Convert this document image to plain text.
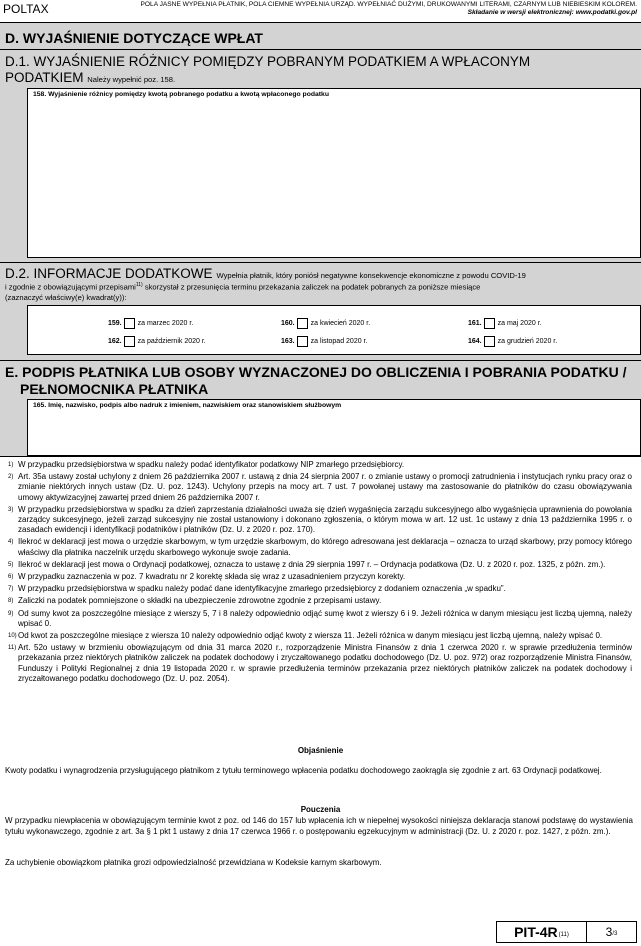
POLTAX	POLA JASNE WYPEŁNIA PŁATNIK, POLA CIEMNE WYPEŁNIA URZĄD. WYPEŁNIAĆ DUŻYMI, DRUKOWANYMI LITERAMI, CZARNYM LUB NIEBIESKIM KOLOREM.
Składanie w wersji elektronicznej: www.podatki.gov.pl
D. WYJAŚNIENIE DOTYCZĄCE WPŁAT
D.1. WYJAŚNIENIE RÓŻNICY POMIĘDZY POBRANYM PODATKIEM A WPŁACONYM
PODATKIEM Należy wypełnić poz. 158.
158. Wyjaśnienie różnicy pomiędzy kwotą pobranego podatku a kwotą wpłaconego podatku
D.2. INFORMACJE DODATKOWE Wypełnia płatnik, który poniósł negatywne konsekwencje ekonomiczne z powodu COVID-19
i zgodnie z obowiązującymi przepisami$^{11)}$ skorzystał z przesunięcia terminu przekazania zaliczek na podatek pobranych za poniższe miesiące
(zaznaczyć właściwy(e) kwadrat(y)):
159. za marzec 2020 r.	160. za kwiecień 2020 r.	161. za maj 2020 r.
162. za październik 2020 r.	163. za listopad 2020 r.	164. za grudzień 2020 r.
E. PODPIS PŁATNIKA LUB OSOBY WYZNACZONEJ DO OBLICZENIA I POBRANIA PODATKU /
PEŁNOMOCNIKA PŁATNIKA
165. Imię, nazwisko, podpis albo nadruk z imieniem, nazwiskiem oraz stanowiskiem służbowym
1) W przypadku przedsiębiorstwa w spadku należy podać identyfikator podatkowy NIP zmarłego przedsiębiorcy.
2) Art. 35a ustawy został uchylony z dniem 26 października 2007 r. ustawą z dnia 24 sierpnia 2007 r. o zmianie ustawy o promocji zatrudnienia i instytucjach rynku pracy oraz o zmianie niektórych innych ustaw (Dz. U. poz. 1243). Uchylony przepis na mocy art. 7 ust. 7 powołanej ustawy ma zastosowanie do płatników do czasu obowiązywania umowy aktywizacyjnej zawartej przed dniem 26 października 2007 r.
3) W przypadku przedsiębiorstwa w spadku za dzień zaprzestania działalności uważa się dzień wygaśnięcia zarządu sukcesyjnego albo wygaśnięcia uprawnienia do powołania zarządcy sukcesyjnego, jeżeli zarząd sukcesyjny nie został ustanowiony i dokonano zgłoszenia, o którym mowa w art. 12 ust. 1c ustawy z dnia 13 października 1995 r. o zasadach ewidencji i identyfikacji podatników i płatników (Dz. U. z 2020 r. poz. 170).
4) Ilekroć w deklaracji jest mowa o urzędzie skarbowym, w tym urzędzie skarbowym, do którego adresowana jest deklaracja – oznacza to urząd skarbowy, przy pomocy którego właściwy dla płatnika naczelnik urzędu skarbowego wykonuje swoje zadania.
5) Ilekroć w deklaracji jest mowa o Ordynacji podatkowej, oznacza to ustawę z dnia 29 sierpnia 1997 r. – Ordynacja podatkowa (Dz. U. z 2020 r. poz. 1325, z późn. zm.).
6) W przypadku zaznaczenia w poz. 7 kwadratu nr 2 korektę składa się wraz z uzasadnieniem przyczyn korekty.
7) W przypadku przedsiębiorstwa w spadku należy podać dane identyfikacyjne zmarłego przedsiębiorcy z dodaniem oznaczenia „w spadku”.
8) Zaliczki na podatek pomniejszone o składki na ubezpieczenie zdrowotne zgodnie z przepisami ustawy.
9) Od sumy kwot za poszczególne miesiące z wierszy 5, 7 i 8 należy odpowiednio odjąć sumę kwot z wierszy 6 i 9. Jeżeli różnica w danym miesiącu jest liczbą ujemną, należy wpisać 0.
10) Od kwot za poszczególne miesiące z wiersza 10 należy odpowiednio odjąć kwoty z wiersza 11. Jeżeli różnica w danym miesiącu jest liczbą ujemną, należy wpisać 0.
11) Art. 52o ustawy w brzmieniu obowiązującym od dnia 31 marca 2020 r., rozporządzenie Ministra Finansów z dnia 1 czerwca 2020 r. w sprawie przedłużenia terminów przekazania przez niektórych płatników zaliczek na podatek dochodowy i zryczałtowanego podatku dochodowego (Dz. U. poz. 972) oraz rozporządzenie Ministra Finansów, Funduszy i Polityki Regionalnej z dnia 19 listopada 2020 r. w sprawie przedłużenia terminów przekazania przez niektórych płatników zaliczek na podatek dochodowy i zryczałtowanego podatku dochodowego (Dz. U. poz. 2054).
Objaśnienie
Kwoty podatku i wynagrodzenia przysługującego płatnikom z tytułu terminowego wpłacenia podatku dochodowego zaokrągla się zgodnie z art. 63 Ordynacji podatkowej.
Pouczenia
W przypadku niewpłacenia w obowiązującym terminie kwot z poz. od 146 do 157 lub wpłacenia ich w niepełnej wysokości niniejsza deklaracja stanowi podstawę do wystawienia tytułu wykonawczego, zgodnie z art. 3a § 1 pkt 1 ustawy z dnia 17 czerwca 1966 r. o postępowaniu egzekucyjnym w administracji (Dz. U. z 2020 r. poz. 1427, z późn. zm.).
Za uchybienie obowiązkom płatnika grozi odpowiedzialność przewidziana w Kodeksie karnym skarbowym.
PIT-4R (11)	3 /3
